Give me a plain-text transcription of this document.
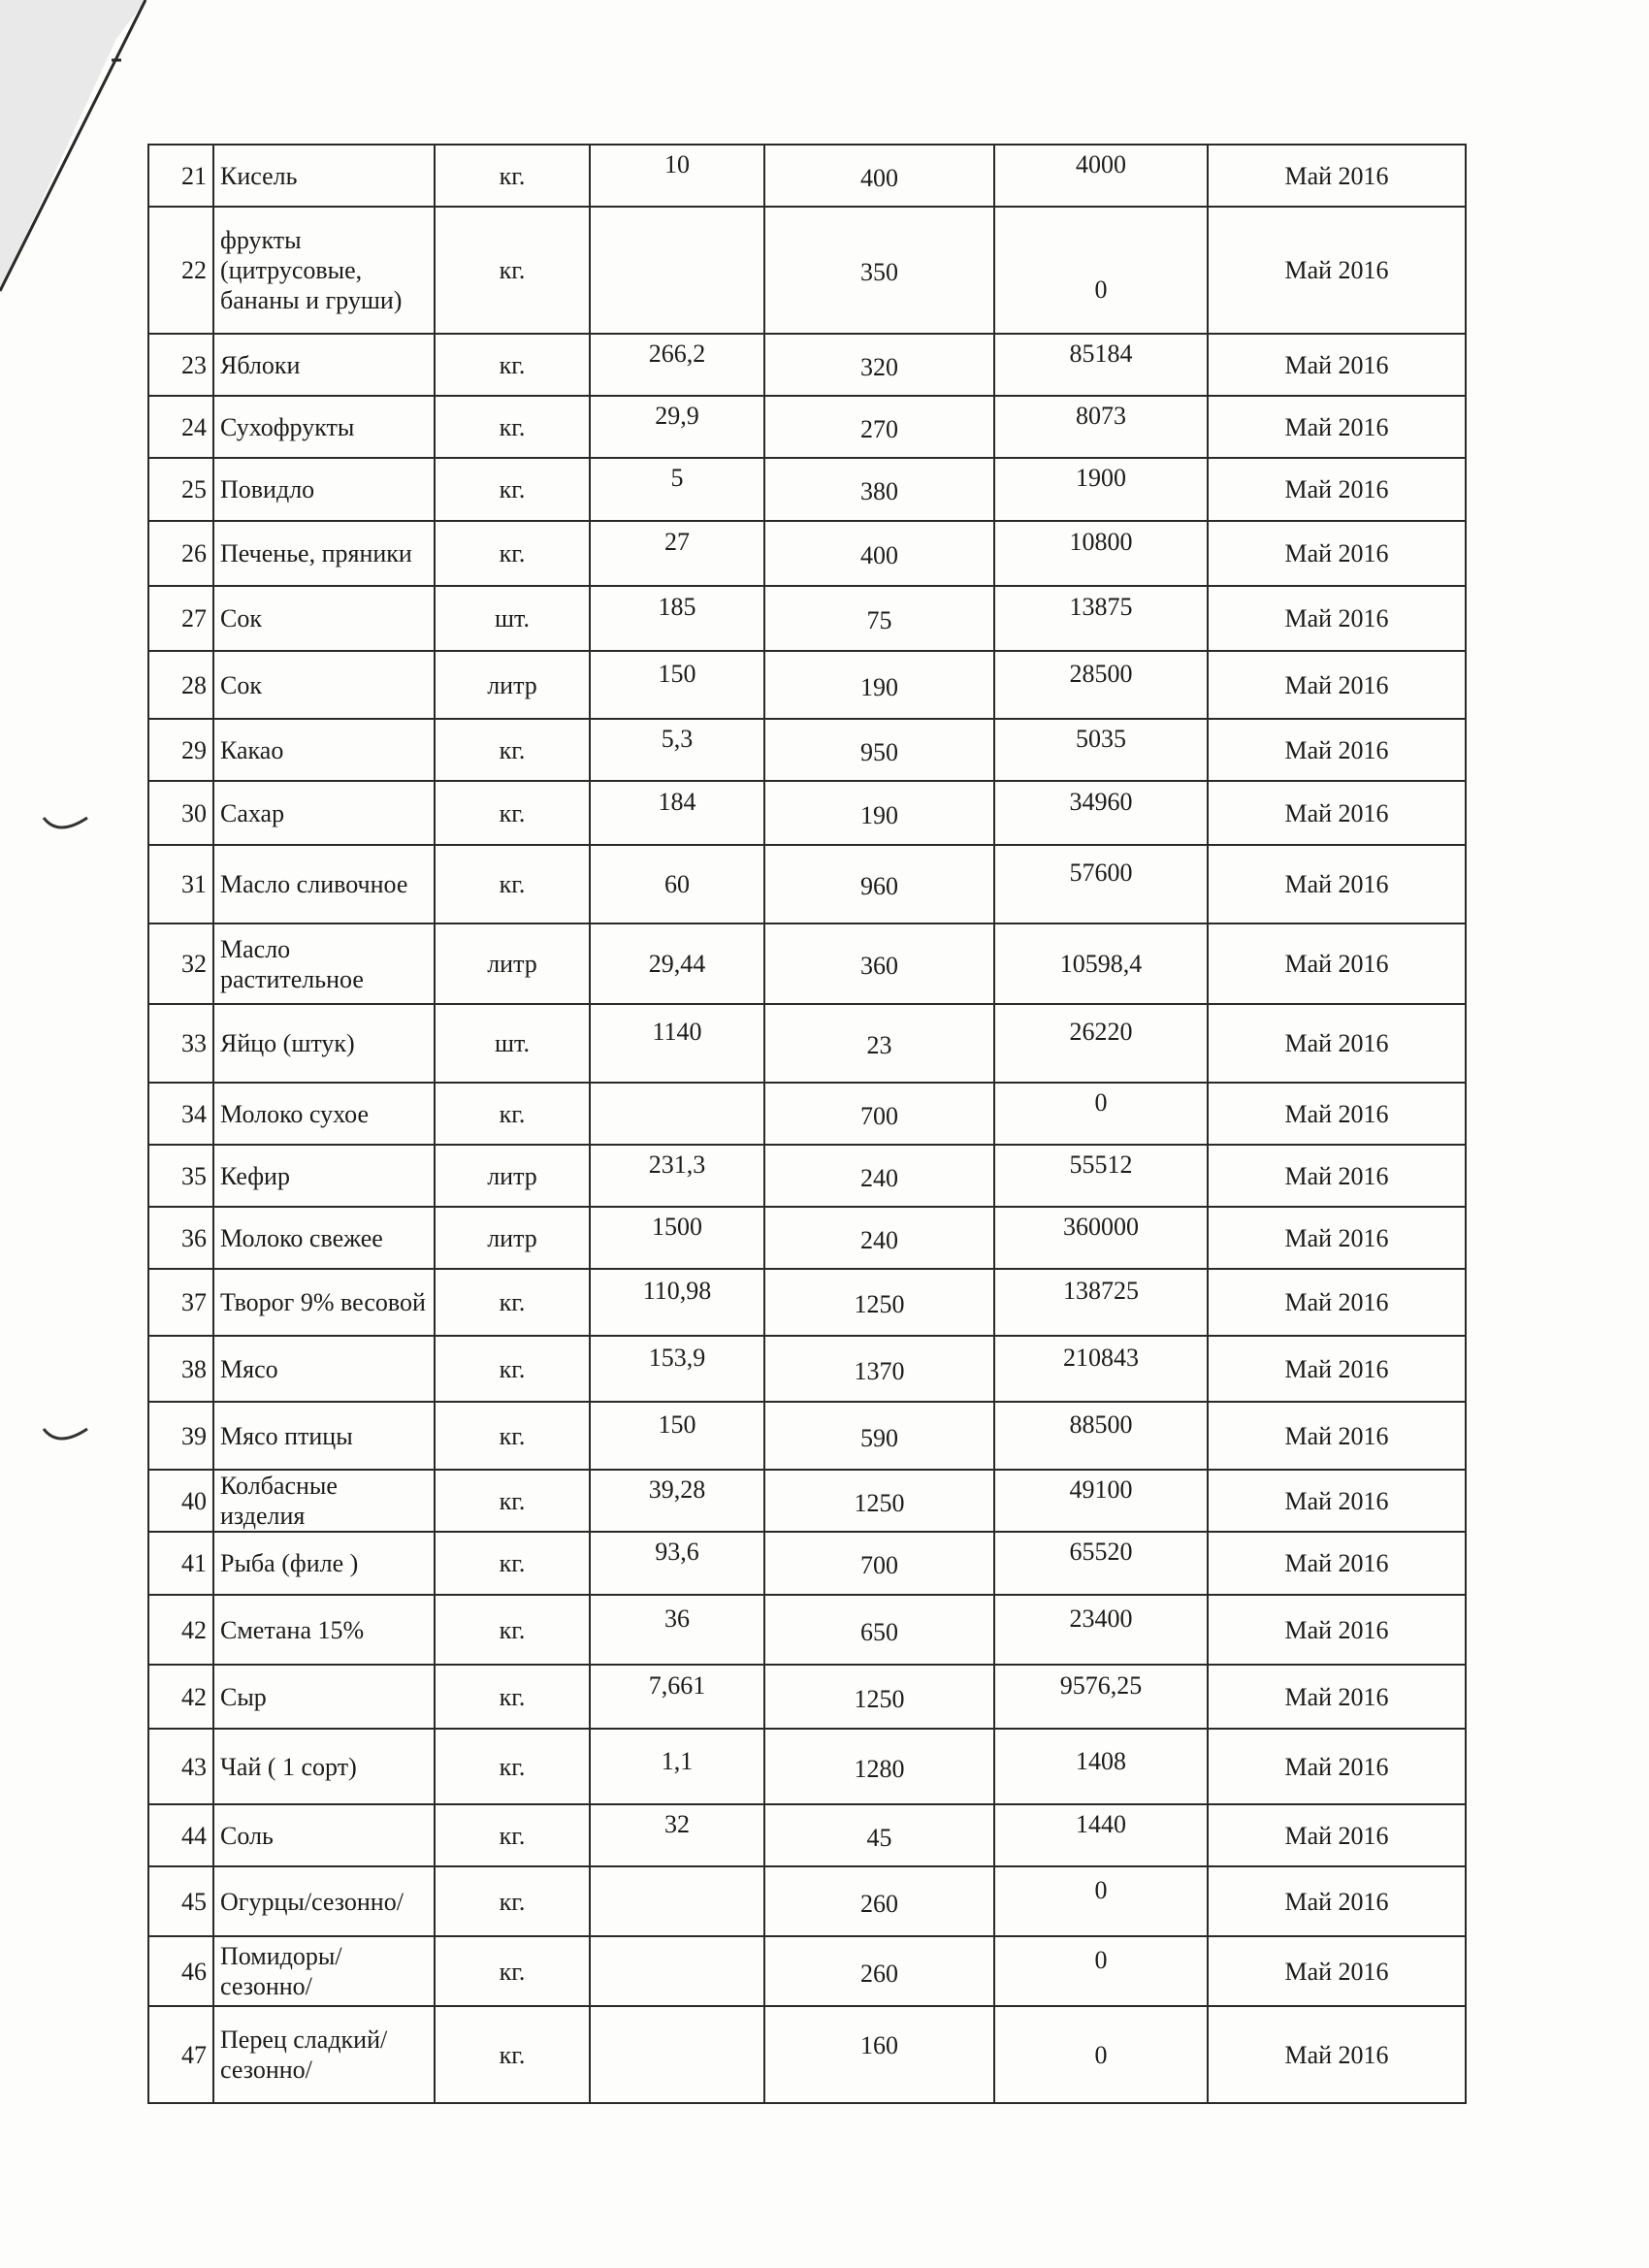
21	Кисель	кг.	10	400	4000	Май 2016
22	фрукты (цитрусовые, бананы и груши)	кг.		350	0	Май 2016
23	Яблоки	кг.	266,2	320	85184	Май 2016
24	Сухофрукты	кг.	29,9	270	8073	Май 2016
25	Повидло	кг.	5	380	1900	Май 2016
26	Печенье, пряники	кг.	27	400	10800	Май 2016
27	Сок	шт.	185	75	13875	Май 2016
28	Сок	литр	150	190	28500	Май 2016
29	Какао	кг.	5,3	950	5035	Май 2016
30	Сахар	кг.	184	190	34960	Май 2016
31	Масло сливочное	кг.	60	960	57600	Май 2016
32	Масло растительное	литр	29,44	360	10598,4	Май 2016
33	Яйцо (штук)	шт.	1140	23	26220	Май 2016
34	Молоко сухое	кг.		700	0	Май 2016
35	Кефир	литр	231,3	240	55512	Май 2016
36	Молоко свежее	литр	1500	240	360000	Май 2016
37	Творог 9% весовой	кг.	110,98	1250	138725	Май 2016
38	Мясо	кг.	153,9	1370	210843	Май 2016
39	Мясо птицы	кг.	150	590	88500	Май 2016
40	Колбасные изделия	кг.	39,28	1250	49100	Май 2016
41	Рыба (филе )	кг.	93,6	700	65520	Май 2016
42	Сметана 15%	кг.	36	650	23400	Май 2016
42	Сыр	кг.	7,661	1250	9576,25	Май 2016
43	Чай ( 1 сорт)	кг.	1,1	1280	1408	Май 2016
44	Соль	кг.	32	45	1440	Май 2016
45	Огурцы/сезонно/	кг.		260	0	Май 2016
46	Помидоры/сезонно/	кг.		260	0	Май 2016
47	Перец сладкий/сезонно/	кг.		160	0	Май 2016
